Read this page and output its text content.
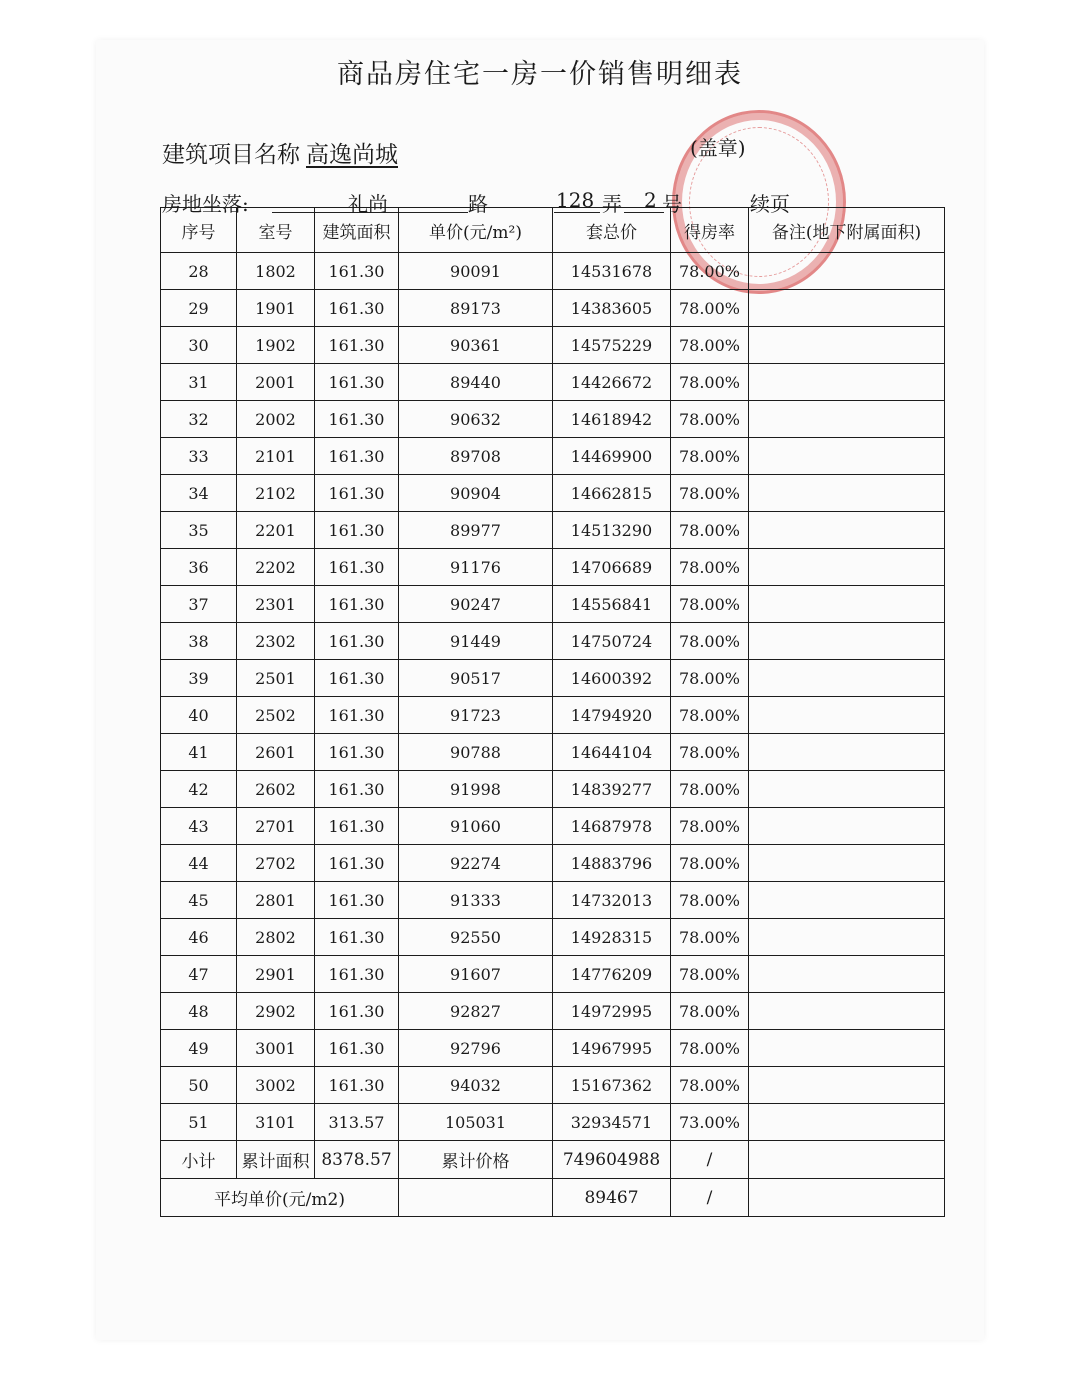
商品房住宅一房一价销售明细表
建筑项目名称 高逸尚城	(盖章)
房地坐落:	礼尚	路	128 弄 2 号	续页
序号	室号	建筑面积	单价(元/m²)	套总价	得房率	备注(地下附属面积)
28	1802	161.30	90091	14531678	78.00%	
29	1901	161.30	89173	14383605	78.00%	
30	1902	161.30	90361	14575229	78.00%	
31	2001	161.30	89440	14426672	78.00%	
32	2002	161.30	90632	14618942	78.00%	
33	2101	161.30	89708	14469900	78.00%	
34	2102	161.30	90904	14662815	78.00%	
35	2201	161.30	89977	14513290	78.00%	
36	2202	161.30	91176	14706689	78.00%	
37	2301	161.30	90247	14556841	78.00%	
38	2302	161.30	91449	14750724	78.00%	
39	2501	161.30	90517	14600392	78.00%	
40	2502	161.30	91723	14794920	78.00%	
41	2601	161.30	90788	14644104	78.00%	
42	2602	161.30	91998	14839277	78.00%	
43	2701	161.30	91060	14687978	78.00%	
44	2702	161.30	92274	14883796	78.00%	
45	2801	161.30	91333	14732013	78.00%	
46	2802	161.30	92550	14928315	78.00%	
47	2901	161.30	91607	14776209	78.00%	
48	2902	161.30	92827	14972995	78.00%	
49	3001	161.30	92796	14967995	78.00%	
50	3002	161.30	94032	15167362	78.00%	
51	3101	313.57	105031	32934571	73.00%	
小计	累计面积	8378.57	累计价格	749604988	/	
平均单价(元/m2)				89467	/	
